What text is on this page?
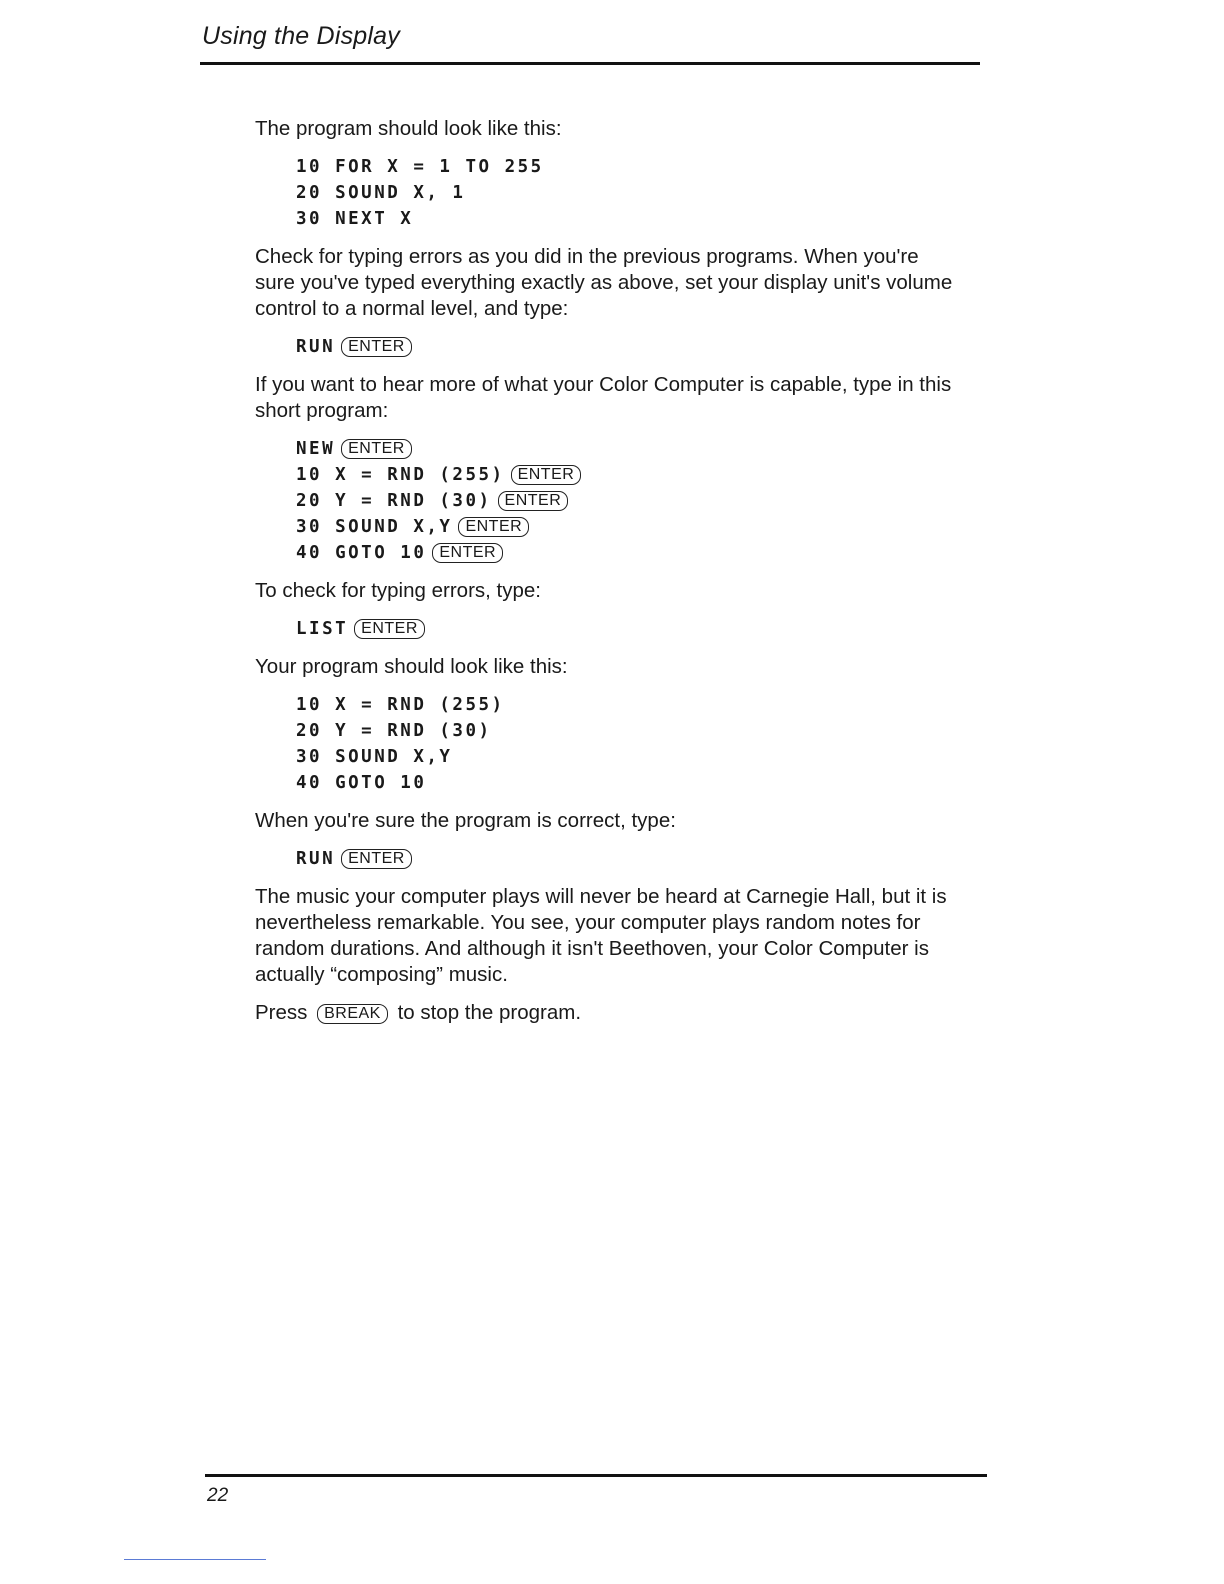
Using the Display

The program should look like this:

10 FOR X = 1 TO 255
20 SOUND X, 1
30 NEXT X

Check for typing errors as you did in the previous programs. When you're sure you've typed everything exactly as above, set your display unit's volume control to a normal level, and type:

RUN ENTER

If you want to hear more of what your Color Computer is capable, type in this short program:

NEW ENTER
10 X = RND (255) ENTER
20 Y = RND (30) ENTER
30 SOUND X,Y ENTER
40 GOTO 10 ENTER

To check for typing errors, type:

LIST ENTER

Your program should look like this:

10 X = RND (255)
20 Y = RND (30)
30 SOUND X,Y
40 GOTO 10

When you're sure the program is correct, type:

RUN ENTER

The music your computer plays will never be heard at Carnegie Hall, but it is nevertheless remarkable. You see, your computer plays random notes for random durations. And although it isn't Beethoven, your Color Computer is actually “composing” music.

Press BREAK to stop the program.

22
